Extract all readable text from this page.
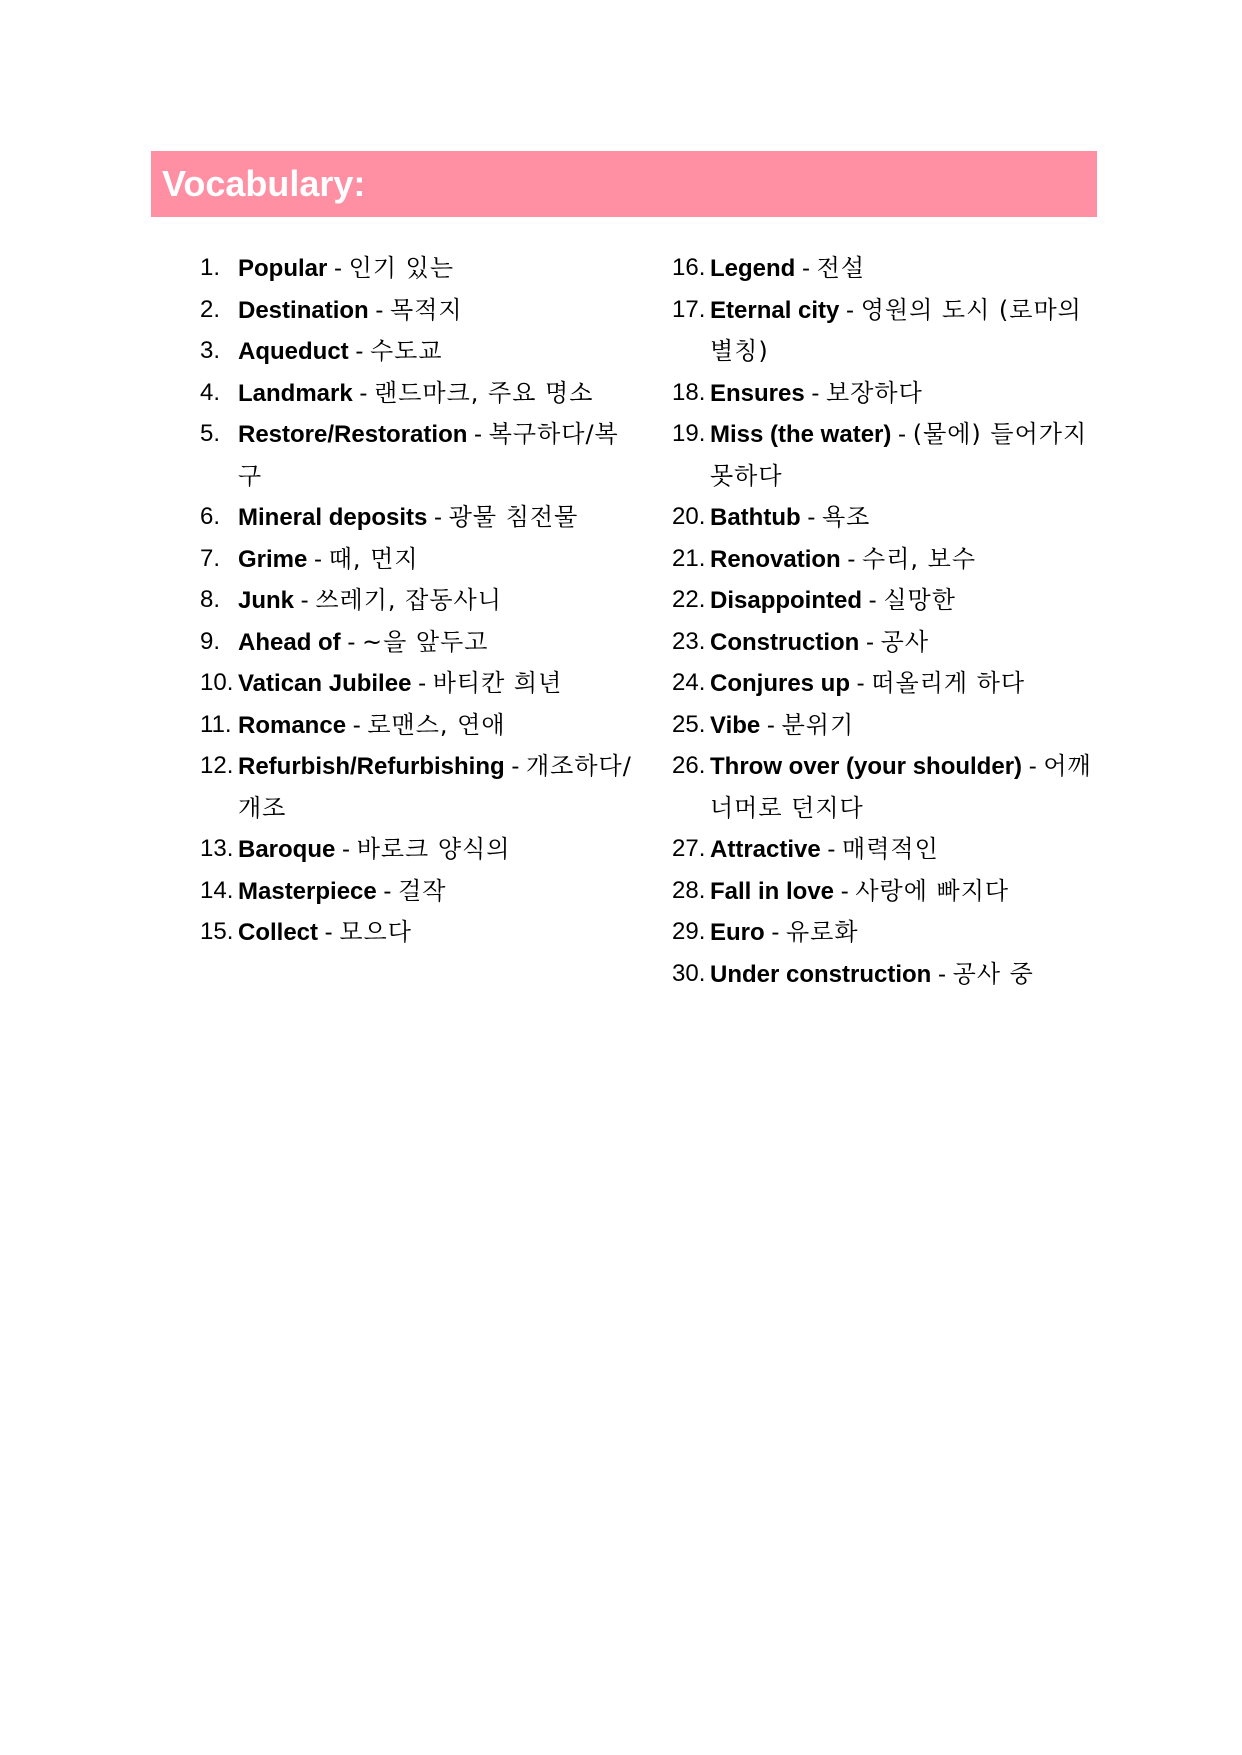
Vocabulary:
1. Popular - 인기 있는
2. Destination - 목적지
3. Aqueduct - 수도교
4. Landmark - 랜드마크, 주요 명소
5. Restore/Restoration - 복구하다/복구
6. Mineral deposits - 광물 침전물
7. Grime - 때, 먼지
8. Junk - 쓰레기, 잡동사니
9. Ahead of - ~을 앞두고
10. Vatican Jubilee - 바티칸 희년
11. Romance - 로맨스, 연애
12. Refurbish/Refurbishing - 개조하다/개조
13. Baroque - 바로크 양식의
14. Masterpiece - 걸작
15. Collect - 모으다
16. Legend - 전설
17. Eternal city - 영원의 도시 (로마의 별칭)
18. Ensures - 보장하다
19. Miss (the water) - (물에) 들어가지 못하다
20. Bathtub - 욕조
21. Renovation - 수리, 보수
22. Disappointed - 실망한
23. Construction - 공사
24. Conjures up - 떠올리게 하다
25. Vibe - 분위기
26. Throw over (your shoulder) - 어깨 너머로 던지다
27. Attractive - 매력적인
28. Fall in love - 사랑에 빠지다
29. Euro - 유로화
30. Under construction - 공사 중
